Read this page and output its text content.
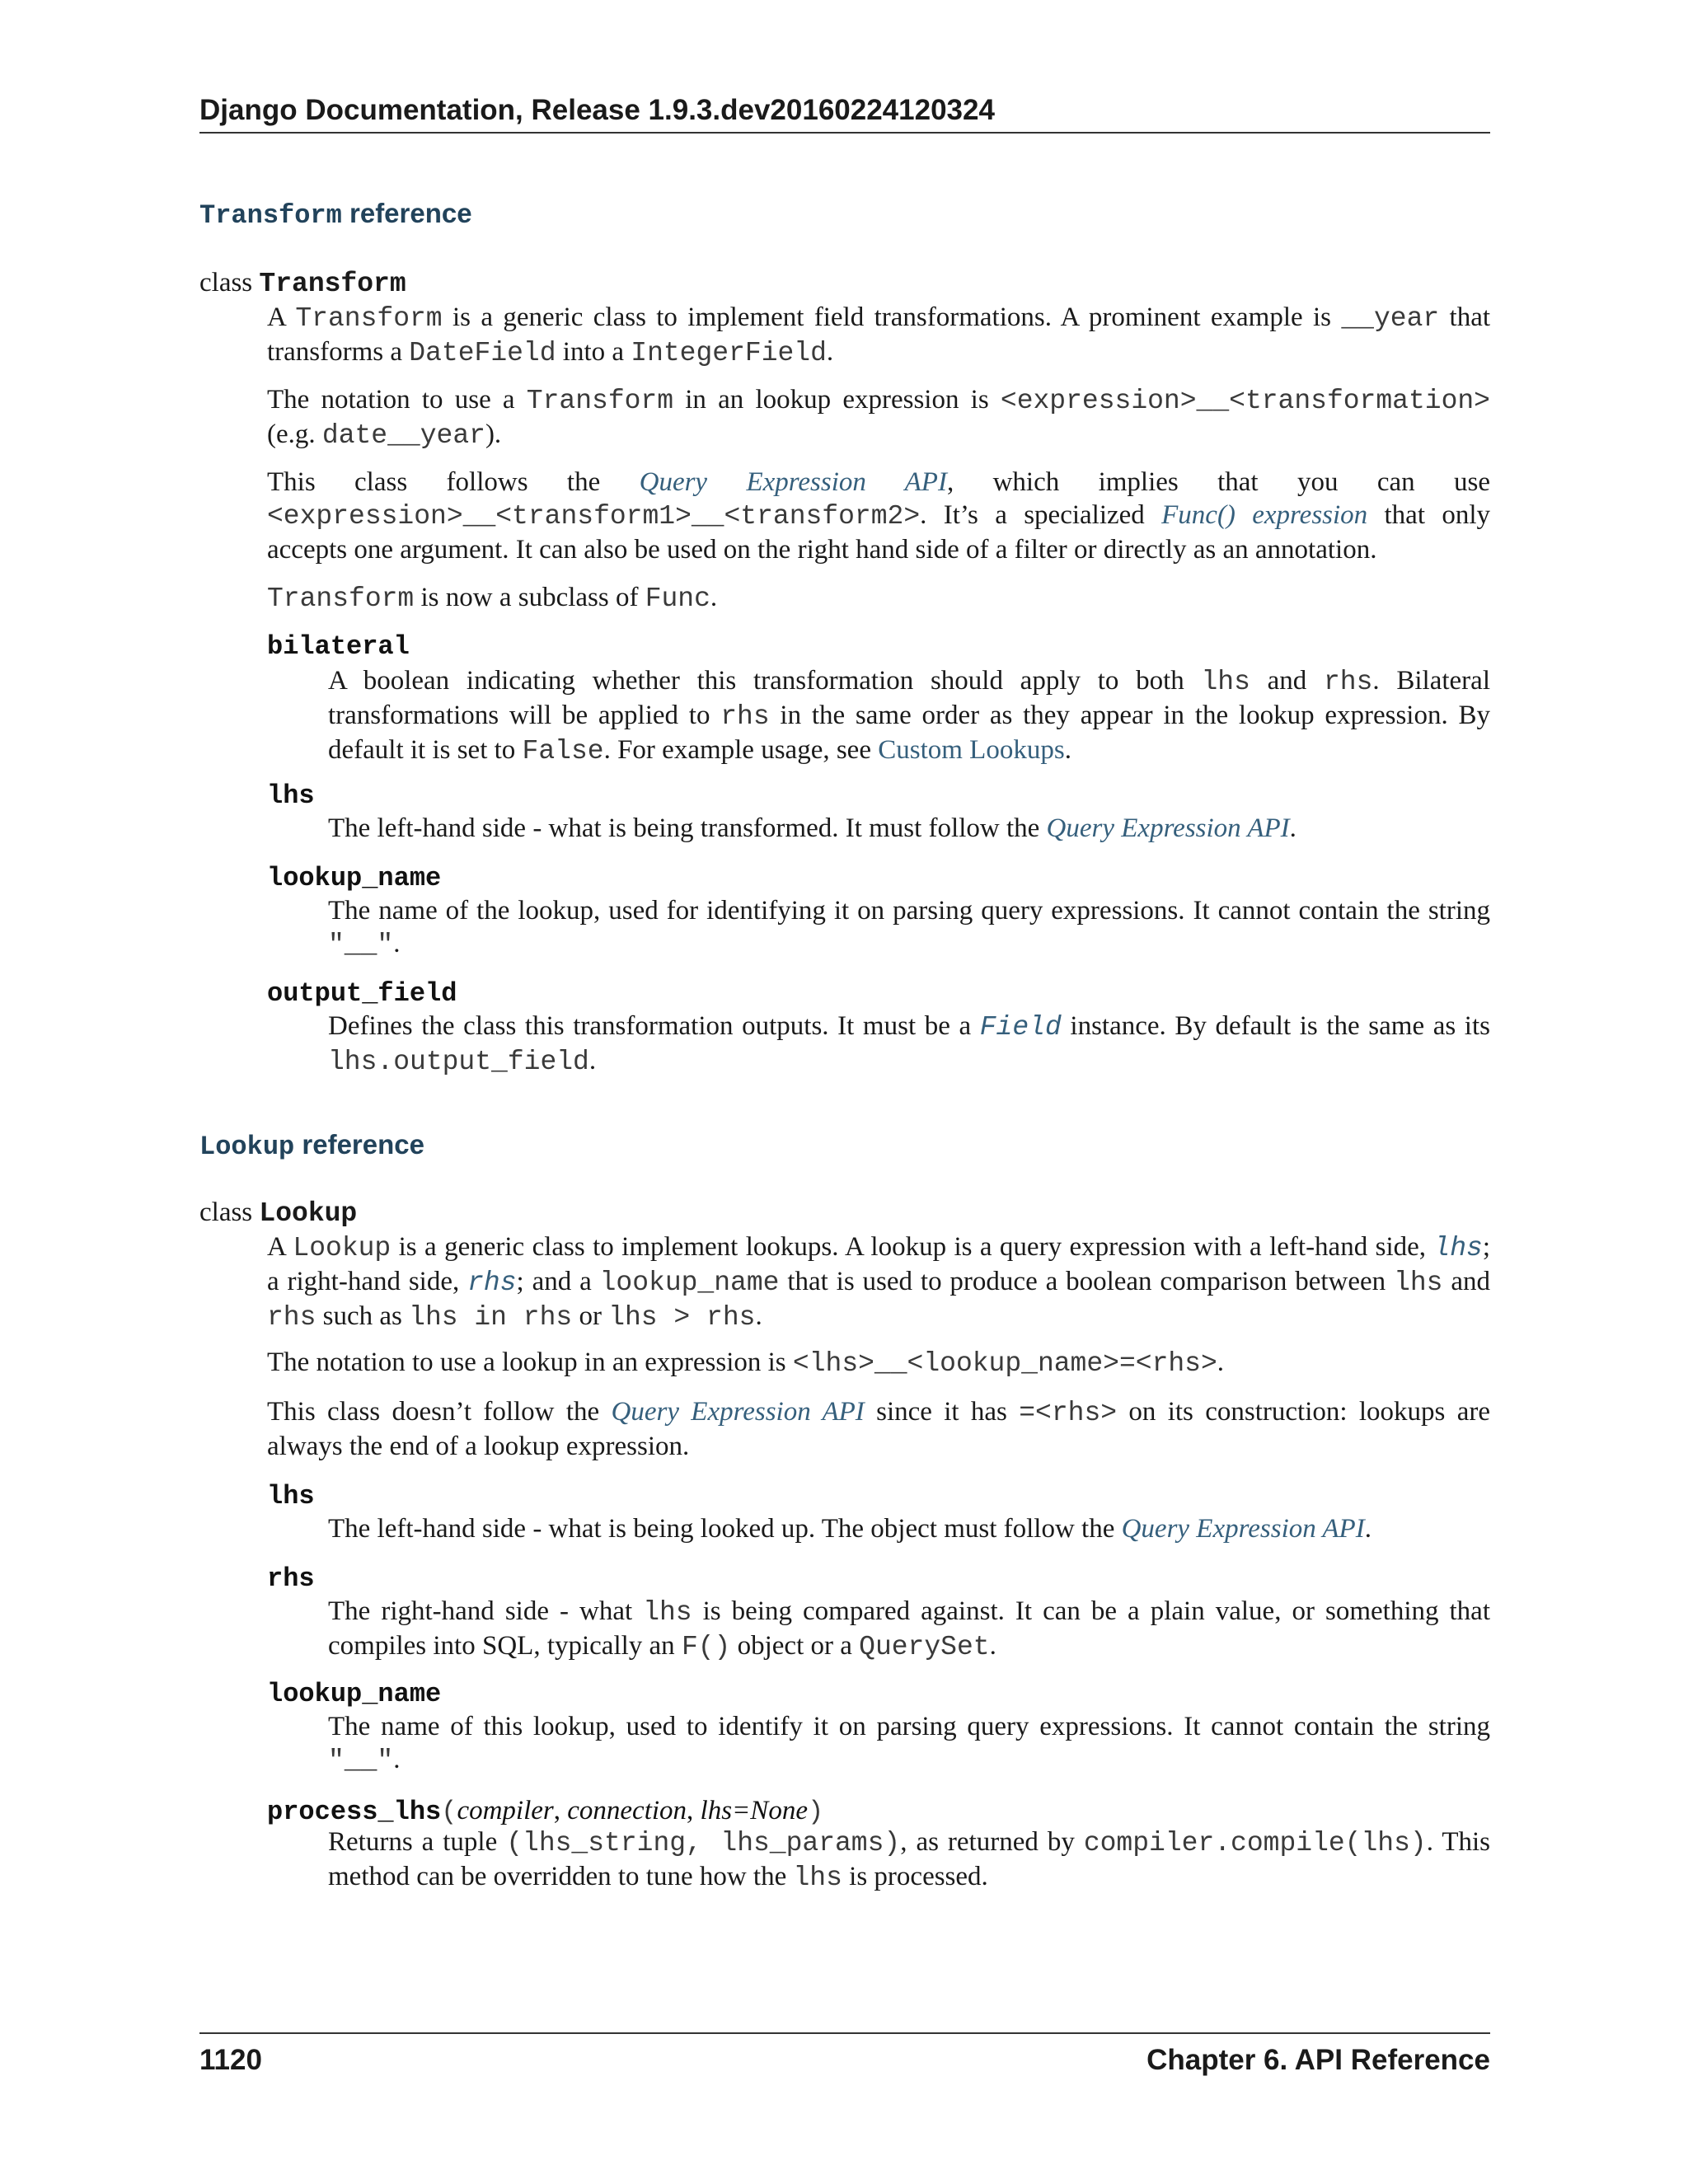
Django Documentation, Release 1.9.3.dev20160224120324
Transform reference
class Transform
A Transform is a generic class to implement field transformations. A prominent example is __year that transforms a DateField into a IntegerField.
The notation to use a Transform in an lookup expression is <expression>__<transformation> (e.g. date__year).
This class follows the Query Expression API, which implies that you can use <expression>__<transform1>__<transform2>. It’s a specialized Func() expression that only accepts one argument. It can also be used on the right hand side of a filter or directly as an annotation.
Transform is now a subclass of Func.
bilateral
A boolean indicating whether this transformation should apply to both lhs and rhs. Bilateral transformations will be applied to rhs in the same order as they appear in the lookup expression. By default it is set to False. For example usage, see Custom Lookups.
lhs
The left-hand side - what is being transformed. It must follow the Query Expression API.
lookup_name
The name of the lookup, used for identifying it on parsing query expressions. It cannot contain the string "__".
output_field
Defines the class this transformation outputs. It must be a Field instance. By default is the same as its lhs.output_field.
Lookup reference
class Lookup
A Lookup is a generic class to implement lookups. A lookup is a query expression with a left-hand side, lhs; a right-hand side, rhs; and a lookup_name that is used to produce a boolean comparison between lhs and rhs such as lhs in rhs or lhs > rhs.
The notation to use a lookup in an expression is <lhs>__<lookup_name>=<rhs>.
This class doesn’t follow the Query Expression API since it has =<rhs> on its construction: lookups are always the end of a lookup expression.
lhs
The left-hand side - what is being looked up. The object must follow the Query Expression API.
rhs
The right-hand side - what lhs is being compared against. It can be a plain value, or something that compiles into SQL, typically an F() object or a QuerySet.
lookup_name
The name of this lookup, used to identify it on parsing query expressions. It cannot contain the string "__".
process_lhs(compiler, connection, lhs=None)
Returns a tuple (lhs_string, lhs_params), as returned by compiler.compile(lhs). This method can be overridden to tune how the lhs is processed.
1120	Chapter 6. API Reference
